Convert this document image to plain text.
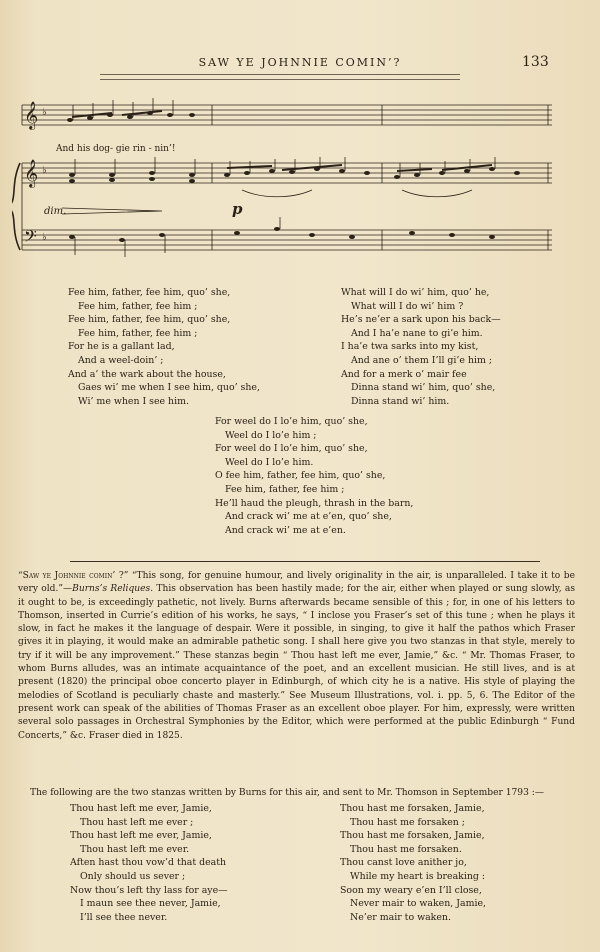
SAW YE JOHNNIE COMIN’?	133
𝄞
𝄞
𝄢
♭
♭
♭
And his dog- gie rin - nin’!
dim.	p
Fee him, father, fee him, quo’ she,
Fee him, father, fee him ;
Fee him, father, fee him, quo’ she,
Fee him, father, fee him ;
For he is a gallant lad,
And a weel-doin’ ;
And a’ the wark about the house,
Gaes wi’ me when I see him, quo’ she,
Wi’ me when I see him.
What will I do wi’ him, quo’ he,
What will I do wi’ him ?
He’s ne’er a sark upon his back—
And I ha’e nane to gi’e him.
I ha’e twa sarks into my kist,
And ane o’ them I’ll gi’e him ;
And for a merk o’ mair fee
Dinna stand wi’ him, quo’ she,
Dinna stand wi’ him.
For weel do I lo’e him, quo’ she,
Weel do I lo’e him ;
For weel do I lo’e him, quo’ she,
Weel do I lo’e him.
O fee him, father, fee him, quo’ she,
Fee him, father, fee him ;
He’ll haud the pleugh, thrash in the barn,
And crack wi’ me at e’en, quo’ she,
And crack wi’ me at e’en.
“Saw ye Johnnie comin’ ?” “This song, for genuine humour, and lively originality in the air, is unparalleled. I take it to be very old.”—Burns’s Reliques. This observation has been hastily made; for the air, either when played or sung slowly, as it ought to be, is exceedingly pathetic, not lively. Burns afterwards became sensible of this ; for, in one of his letters to Thomson, inserted in Currie’s edition of his works, he says, “ I inclose you Fraser’s set of this tune ; when he plays it slow, in fact he makes it the language of despair. Were it possible, in singing, to give it half the pathos which Fraser gives it in playing, it would make an admirable pathetic song. I shall here give you two stanzas in that style, merely to try if it will be any improvement.” These stanzas begin “ Thou hast left me ever, Jamie,” &c. “ Mr. Thomas Fraser, to whom Burns alludes, was an intimate acquaintance of the poet, and an excellent musician. He still lives, and is at present (1820) the principal oboe concerto player in Edinburgh, of which city he is a native. His style of playing the melodies of Scotland is peculiarly chaste and masterly.” See Museum Illustrations, vol. i. pp. 5, 6. The Editor of the present work can speak of the abilities of Thomas Fraser as an excellent oboe player. For him, expressly, were written several solo passages in Orchestral Symphonies by the Editor, which were performed at the public Edinburgh “ Fund Concerts,” &c. Fraser died in 1825.
The following are the two stanzas written by Burns for this air, and sent to Mr. Thomson in September 1793 :—
Thou hast left me ever, Jamie,
Thou hast left me ever ;
Thou hast left me ever, Jamie,
Thou hast left me ever.
Aften hast thou vow’d that death
Only should us sever ;
Now thou’s left thy lass for aye—
I maun see thee never, Jamie,
I’ll see thee never.
Thou hast me forsaken, Jamie,
Thou hast me forsaken ;
Thou hast me forsaken, Jamie,
Thou hast me forsaken.
Thou canst love anither jo,
While my heart is breaking :
Soon my weary e’en I’ll close,
Never mair to waken, Jamie,
Ne’er mair to waken.
